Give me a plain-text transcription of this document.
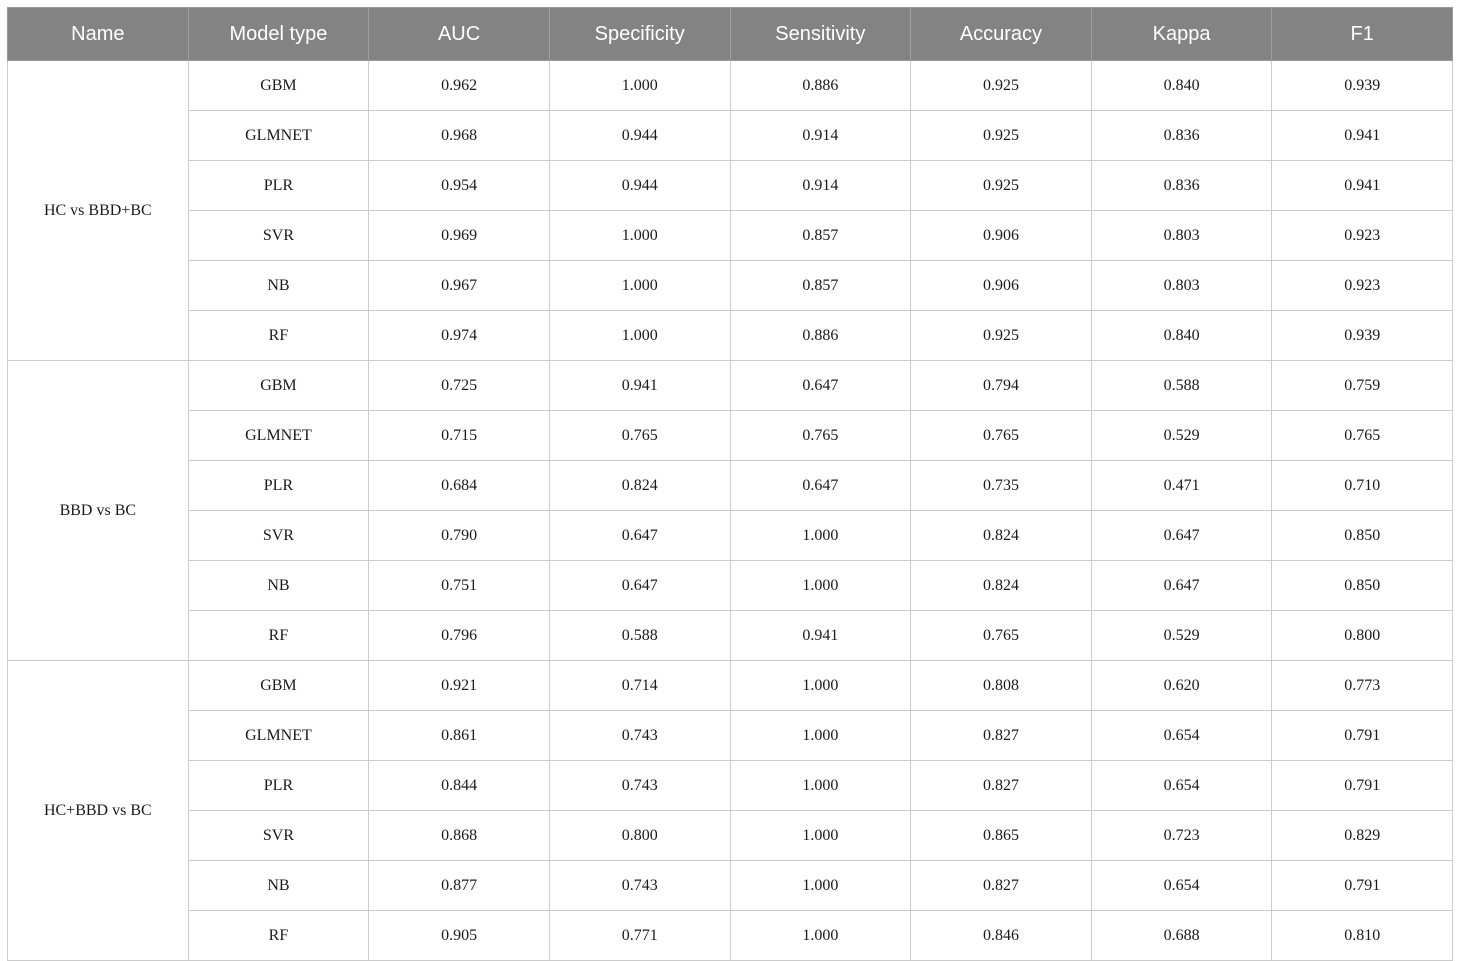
Name	Model type	AUC	Specificity	Sensitivity	Accuracy	Kappa	F1
HC vs BBD+BC	GBM	0.962	1.000	0.886	0.925	0.840	0.939
	GLMNET	0.968	0.944	0.914	0.925	0.836	0.941
	PLR	0.954	0.944	0.914	0.925	0.836	0.941
	SVR	0.969	1.000	0.857	0.906	0.803	0.923
	NB	0.967	1.000	0.857	0.906	0.803	0.923
	RF	0.974	1.000	0.886	0.925	0.840	0.939
BBD vs BC	GBM	0.725	0.941	0.647	0.794	0.588	0.759
	GLMNET	0.715	0.765	0.765	0.765	0.529	0.765
	PLR	0.684	0.824	0.647	0.735	0.471	0.710
	SVR	0.790	0.647	1.000	0.824	0.647	0.850
	NB	0.751	0.647	1.000	0.824	0.647	0.850
	RF	0.796	0.588	0.941	0.765	0.529	0.800
HC+BBD vs BC	GBM	0.921	0.714	1.000	0.808	0.620	0.773
	GLMNET	0.861	0.743	1.000	0.827	0.654	0.791
	PLR	0.844	0.743	1.000	0.827	0.654	0.791
	SVR	0.868	0.800	1.000	0.865	0.723	0.829
	NB	0.877	0.743	1.000	0.827	0.654	0.791
	RF	0.905	0.771	1.000	0.846	0.688	0.810
